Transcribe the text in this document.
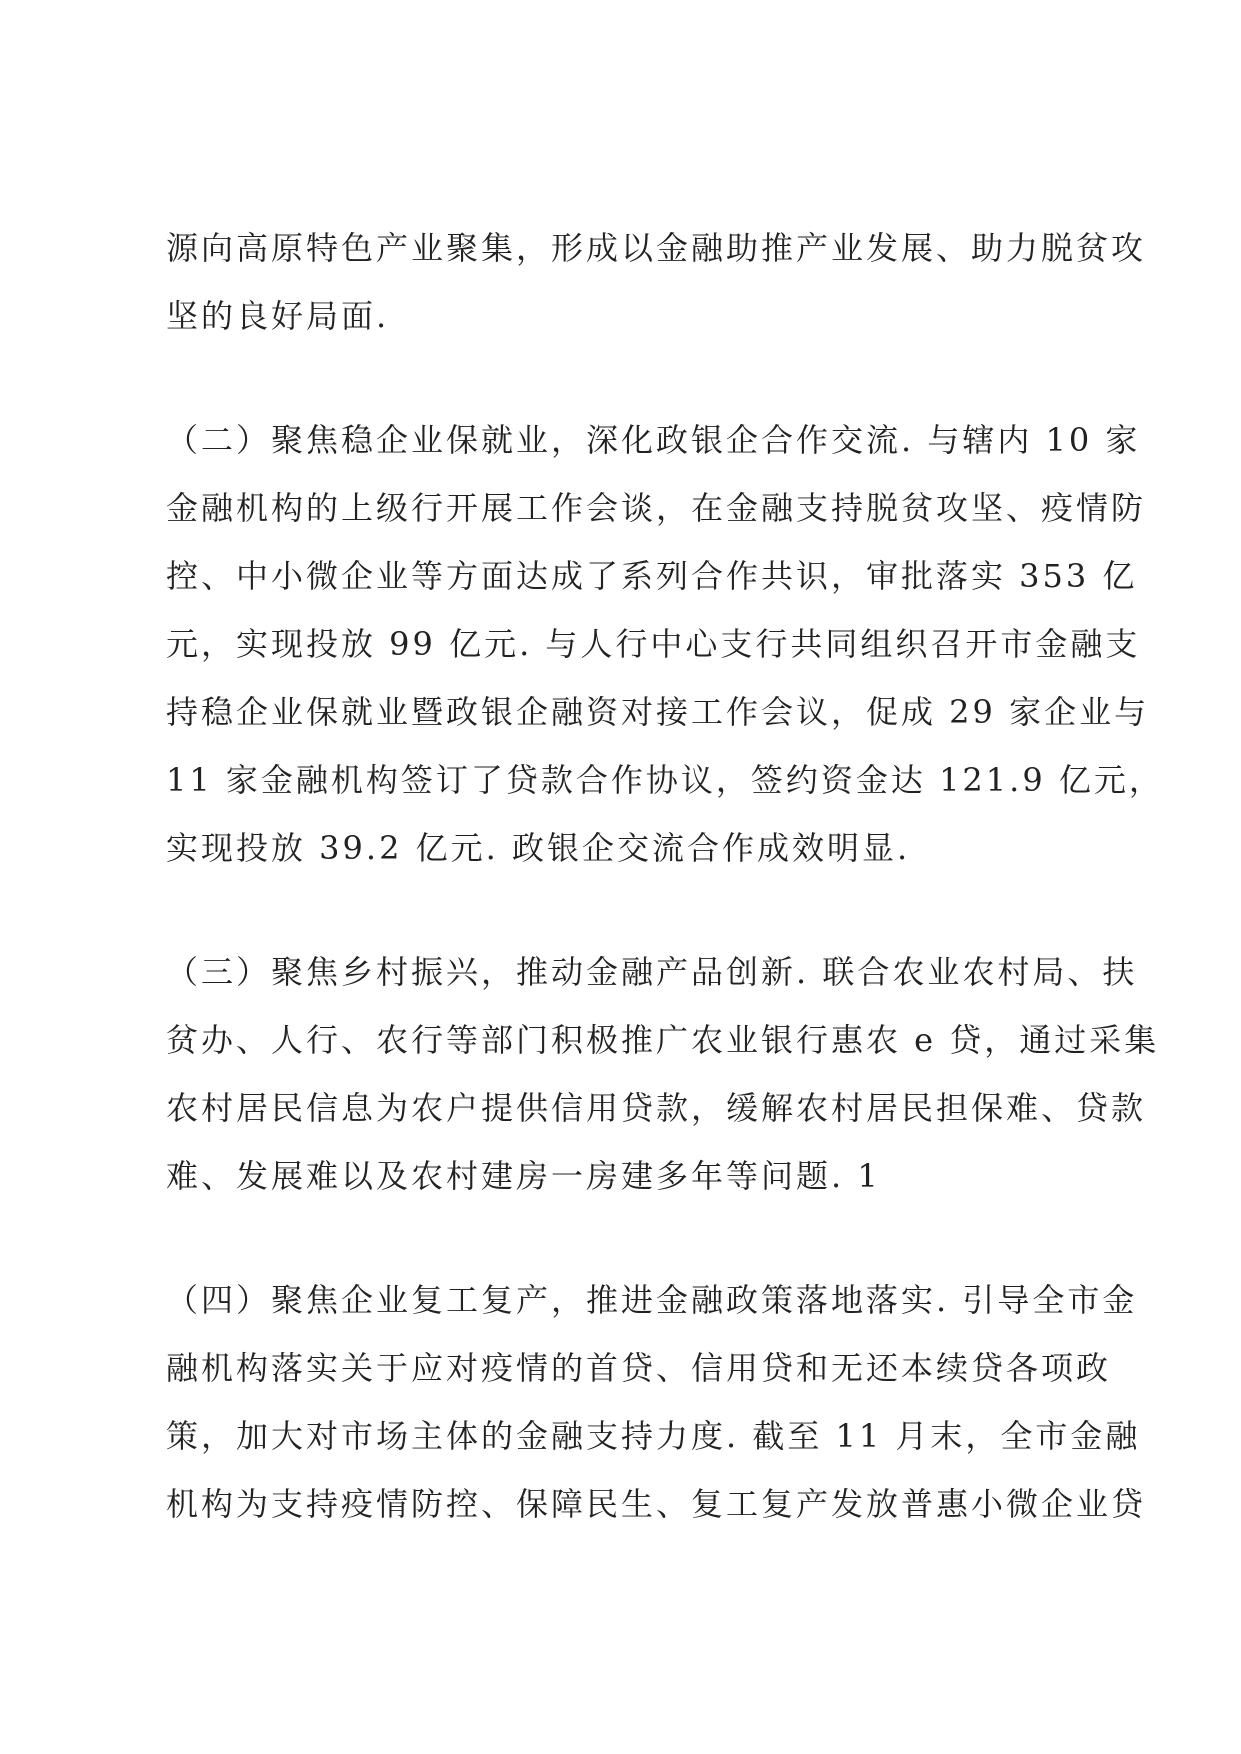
源向高原特色产业聚集，形成以金融助推产业发展、助力脱贫攻
坚的良好局面.
（二）聚焦稳企业保就业，深化政银企合作交流. 与辖内 10 家
金融机构的上级行开展工作会谈，在金融支持脱贫攻坚、疫情防
控、中小微企业等方面达成了系列合作共识，审批落实 353 亿
元，实现投放 99 亿元. 与人行中心支行共同组织召开市金融支
持稳企业保就业暨政银企融资对接工作会议，促成 29 家企业与
11 家金融机构签订了贷款合作协议，签约资金达 121.9 亿元，
实现投放 39.2 亿元. 政银企交流合作成效明显.
（三）聚焦乡村振兴，推动金融产品创新. 联合农业农村局、扶
贫办、人行、农行等部门积极推广农业银行惠农 e 贷，通过采集
农村居民信息为农户提供信用贷款，缓解农村居民担保难、贷款
难、发展难以及农村建房一房建多年等问题. 1
（四）聚焦企业复工复产，推进金融政策落地落实. 引导全市金
融机构落实关于应对疫情的首贷、信用贷和无还本续贷各项政
策，加大对市场主体的金融支持力度. 截至 11 月末，全市金融
机构为支持疫情防控、保障民生、复工复产发放普惠小微企业贷
